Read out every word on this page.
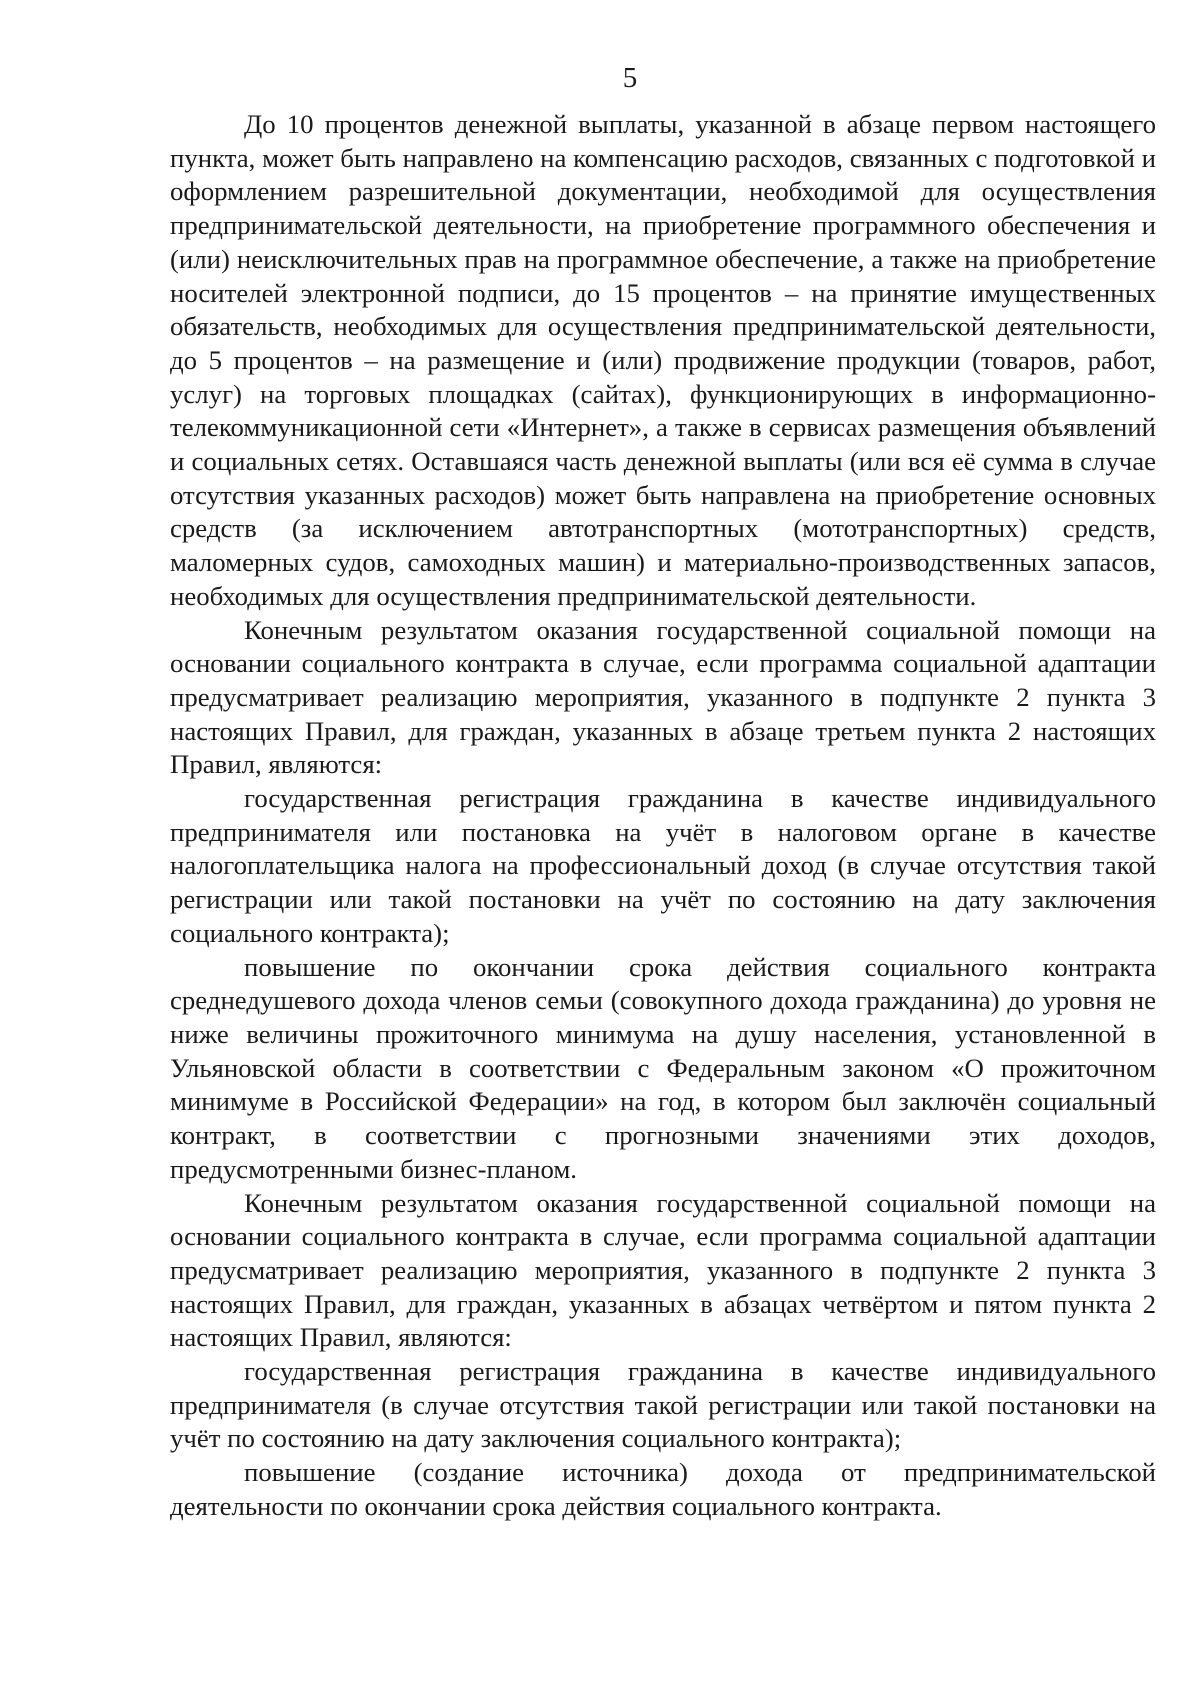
5

До 10 процентов денежной выплаты, указанной в абзаце первом настоящего пункта, может быть направлено на компенсацию расходов, связанных с подготовкой и оформлением разрешительной документации, необходимой для осуществления предпринимательской деятельности, на приобретение программного обеспечения и (или) неисключительных прав на программное обеспечение, а также на приобретение носителей электронной подписи, до 15 процентов – на принятие имущественных обязательств, необходимых для осуществления предпринимательской деятельности, до 5 процентов – на размещение и (или) продвижение продукции (товаров, работ, услуг) на торговых площадках (сайтах), функционирующих в информационно-телекоммуникационной сети «Интернет», а также в сервисах размещения объявлений и социальных сетях. Оставшаяся часть денежной выплаты (или вся её сумма в случае отсутствия указанных расходов) может быть направлена на приобретение основных средств (за исключением автотранспортных (мототранспортных) средств, маломерных судов, самоходных машин) и материально-производственных запасов, необходимых для осуществления предпринимательской деятельности.

Конечным результатом оказания государственной социальной помощи на основании социального контракта в случае, если программа социальной адаптации предусматривает реализацию мероприятия, указанного в подпункте 2 пункта 3 настоящих Правил, для граждан, указанных в абзаце третьем пункта 2 настоящих Правил, являются:

государственная регистрация гражданина в качестве индивидуального предпринимателя или постановка на учёт в налоговом органе в качестве налогоплательщика налога на профессиональный доход (в случае отсутствия такой регистрации или такой постановки на учёт по состоянию на дату заключения социального контракта);

повышение по окончании срока действия социального контракта среднедушевого дохода членов семьи (совокупного дохода гражданина) до уровня не ниже величины прожиточного минимума на душу населения, установленной в Ульяновской области в соответствии с Федеральным законом «О прожиточном минимуме в Российской Федерации» на год, в котором был заключён социальный контракт, в соответствии с прогнозными значениями этих доходов, предусмотренными бизнес-планом.

Конечным результатом оказания государственной социальной помощи на основании социального контракта в случае, если программа социальной адаптации предусматривает реализацию мероприятия, указанного в подпункте 2 пункта 3 настоящих Правил, для граждан, указанных в абзацах четвёртом и пятом пункта 2 настоящих Правил, являются:

государственная регистрация гражданина в качестве индивидуального предпринимателя (в случае отсутствия такой регистрации или такой постановки на учёт по состоянию на дату заключения социального контракта);

повышение (создание источника) дохода от предпринимательской деятельности по окончании срока действия социального контракта.
